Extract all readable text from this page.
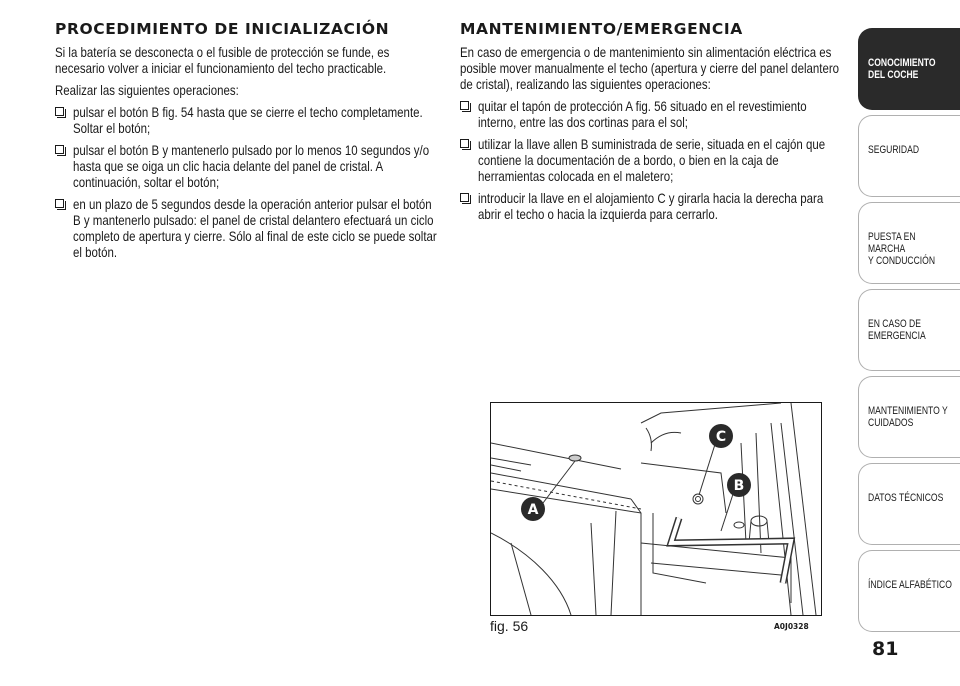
PROCEDIMIENTO DE INICIALIZACIÓN

Si la batería se desconecta o el fusible de protección se funde, es necesario volver a iniciar el funcionamiento del techo practicable.

Realizar las siguientes operaciones:

pulsar el botón B fig. 54 hasta que se cierre el techo completamente. Soltar el botón;
pulsar el botón B y mantenerlo pulsado por lo menos 10 segundos y/o hasta que se oiga un clic hacia delante del panel de cristal. A continuación, soltar el botón;
en un plazo de 5 segundos desde la operación anterior pulsar el botón B y mantenerlo pulsado: el panel de cristal delantero efectuará un ciclo completo de apertura y cierre. Sólo al final de este ciclo se puede soltar el botón.
MANTENIMIENTO/EMERGENCIA

En caso de emergencia o de mantenimiento sin alimentación eléctrica es posible mover manualmente el techo (apertura y cierre del panel delantero de cristal), realizando las siguientes operaciones:

quitar el tapón de protección A fig. 56 situado en el revestimiento interno, entre las dos cortinas para el sol;
utilizar la llave allen B suministrada de serie, situada en el cajón que contiene la documentación de a bordo, o bien en la caja de herramientas colocada en el maletero;
introducir la llave en el alojamiento C y girarla hacia la derecha para abrir el techo o hacia la izquierda para cerrarlo.
A
C
B
fig. 56	A0J0328
CONOCIMIENTO
DEL COCHE
SEGURIDAD
PUESTA EN MARCHA
Y CONDUCCIÓN
EN CASO DE
EMERGENCIA
MANTENIMIENTO Y
CUIDADOS
DATOS TÉCNICOS
ÍNDICE ALFABÉTICO
81
